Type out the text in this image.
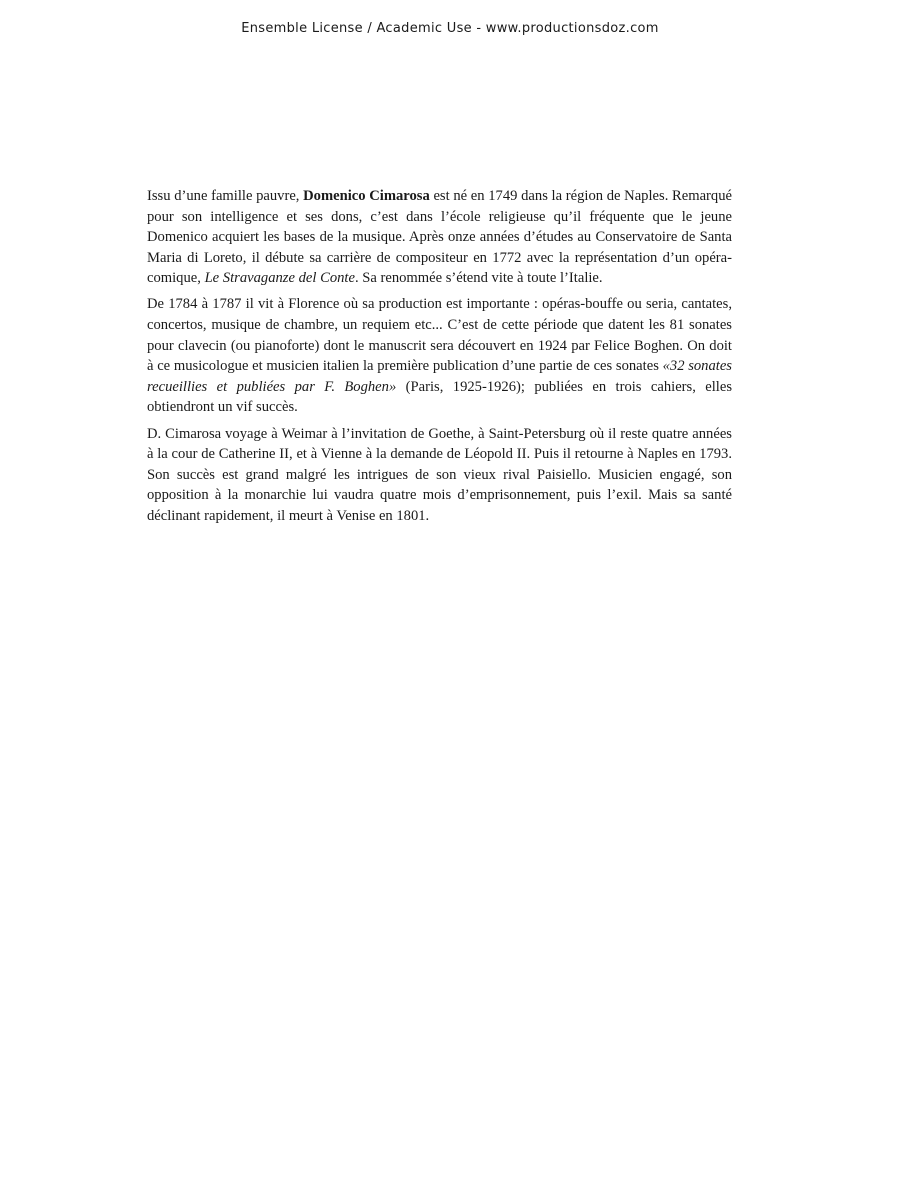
Ensemble License / Academic Use - www.productionsdoz.com

Issu d’une famille pauvre, Domenico Cimarosa est né en 1749 dans la région de Naples. Remarqué pour son intelligence et ses dons, c’est dans l’école religieuse qu’il fréquente que le jeune Domenico acquiert les bases de la musique. Après onze années d’études au Conservatoire de Santa Maria di Loreto, il débute sa carrière de compositeur en 1772 avec la représentation d’un opéra-comique, Le Stravaganze del Conte. Sa renommée s’étend vite à toute l’Italie.

De 1784 à 1787 il vit à Florence où sa production est importante : opéras-bouffe ou seria, cantates, concertos, musique de chambre, un requiem etc... C’est de cette période que datent les 81 sonates pour clavecin (ou pianoforte) dont le manuscrit sera découvert en 1924 par Felice Boghen. On doit à ce musicologue et musicien italien la première publication d’une partie de ces sonates «32 sonates recueillies et publiées par F. Boghen» (Paris, 1925-1926); publiées en trois cahiers, elles obtiendront un vif succès.

D. Cimarosa voyage à Weimar à l’invitation de Goethe, à Saint-Petersburg où il reste quatre années à la cour de Catherine II, et à Vienne à la demande de Léopold II. Puis il retourne à Naples en 1793. Son succès est grand malgré les intrigues de son vieux rival Paisiello. Musicien engagé, son opposition à la monarchie lui vaudra quatre mois d’emprisonnement, puis l’exil. Mais sa santé déclinant rapidement, il meurt à Venise en 1801.
